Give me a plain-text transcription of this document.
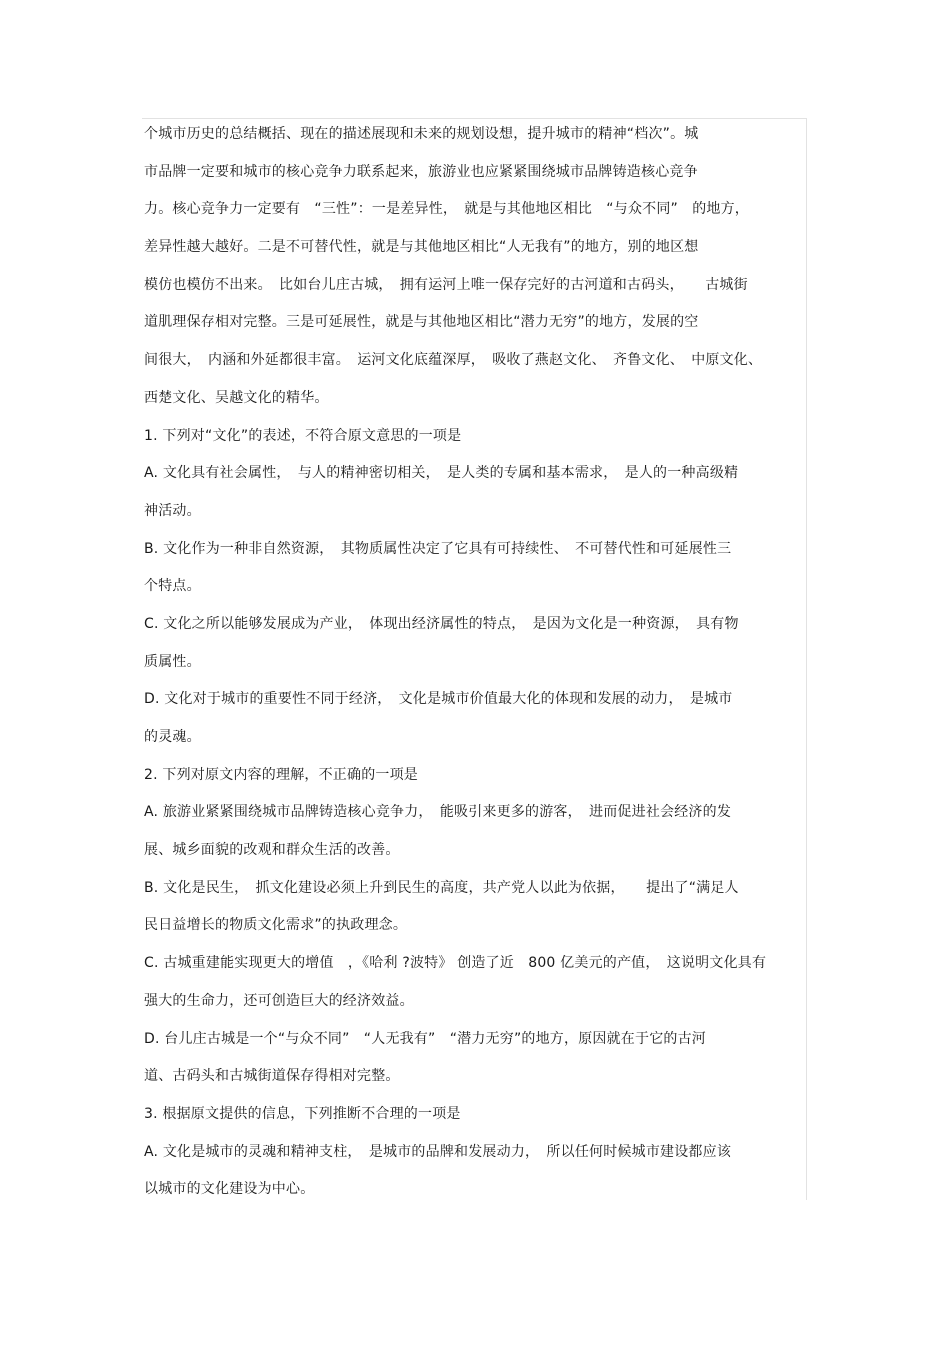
个城市历史的总结概括、现在的描述展现和未来的规划设想，提升城市的精神“档次”。城
市品牌一定要和城市的核心竞争力联系起来，旅游业也应紧紧围绕城市品牌铸造核心竞争
力。核心竞争力一定要有　“三性”：一是差异性，　就是与其他地区相比　“与众不同”　的地方，
差异性越大越好。二是不可替代性，就是与其他地区相比“人无我有”的地方，别的地区想
模仿也模仿不出来。　比如台儿庄古城，　拥有运河上唯一保存完好的古河道和古码头，　　古城街
道肌理保存相对完整。三是可延展性，就是与其他地区相比“潜力无穷”的地方，发展的空
间很大，　内涵和外延都很丰富。　运河文化底蕴深厚，　吸收了燕赵文化、　齐鲁文化、　中原文化、
西楚文化、吴越文化的精华。
1. 下列对“文化”的表述，不符合原文意思的一项是
A. 文化具有社会属性，　与人的精神密切相关，　是人类的专属和基本需求，　是人的一种高级精
神活动。
B. 文化作为一种非自然资源，　其物质属性决定了它具有可持续性、　不可替代性和可延展性三
个特点。
C. 文化之所以能够发展成为产业，　体现出经济属性的特点，　是因为文化是一种资源，　具有物
质属性。
D. 文化对于城市的重要性不同于经济，　文化是城市价值最大化的体现和发展的动力，　是城市
的灵魂。
2. 下列对原文内容的理解，不正确的一项是
A. 旅游业紧紧围绕城市品牌铸造核心竞争力，　能吸引来更多的游客，　进而促进社会经济的发
展、城乡面貌的改观和群众生活的改善。
B. 文化是民生，　抓文化建设必须上升到民生的高度，共产党人以此为依据，　　提出了“满足人
民日益增长的物质文化需求”的执政理念。
C. 古城重建能实现更大的增值　，《哈利 ?波特》 创造了近　800 亿美元的产值，　这说明文化具有
强大的生命力，还可创造巨大的经济效益。
D. 台儿庄古城是一个“与众不同”　“人无我有”　“潜力无穷”的地方，原因就在于它的古河
道、古码头和古城街道保存得相对完整。
3. 根据原文提供的信息，下列推断不合理的一项是
A. 文化是城市的灵魂和精神支柱，　是城市的品牌和发展动力，　所以任何时候城市建设都应该
以城市的文化建设为中心。
